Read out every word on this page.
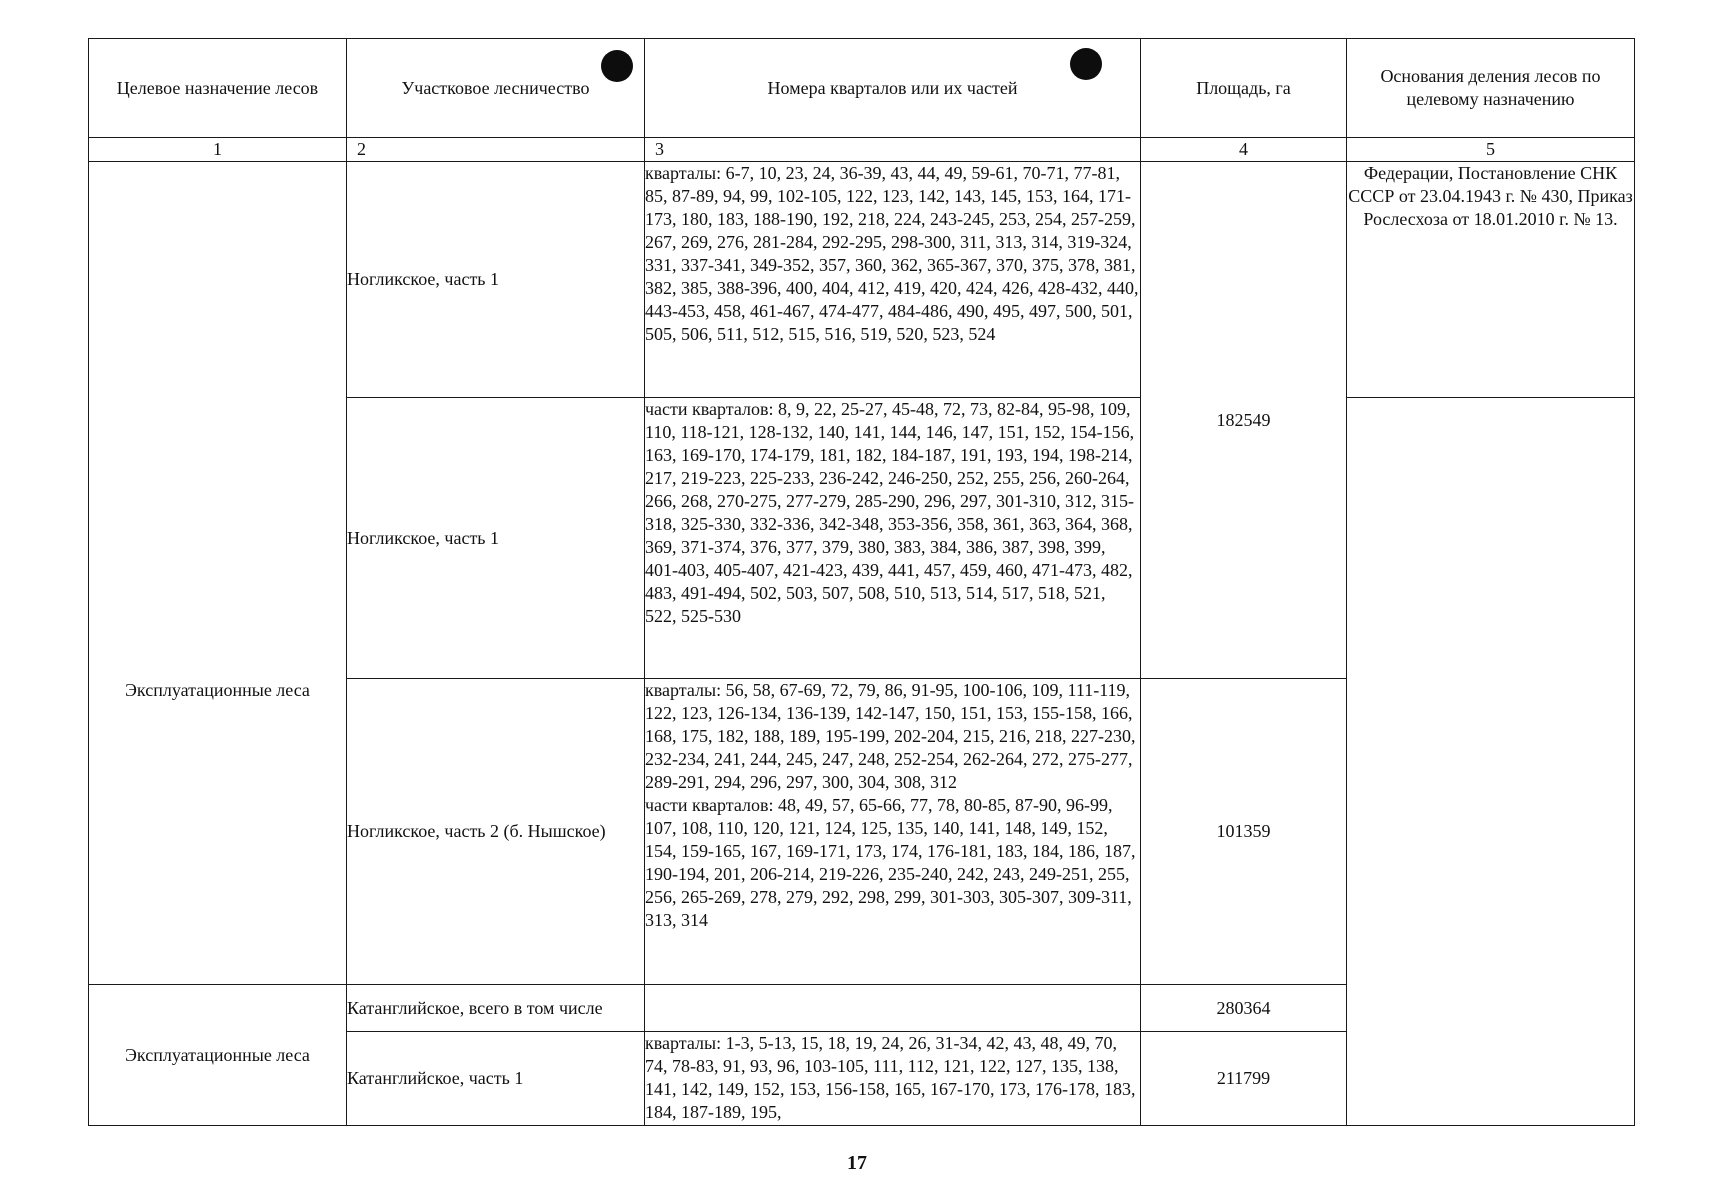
Целевое назначение лесов	Участковое лесничество	Номера кварталов или их частей	Площадь, га	Основания деления лесов по целевому назначению
1	2	3	4	5
	Ногликское, часть 1	кварталы: 6-7, 10, 23, 24, 36-39, 43, 44, 49, 59-61, 70-71, 77-81, 85, 87-89, 94, 99, 102-105, 122, 123, 142, 143, 145, 153, 164, 171-173, 180, 183, 188-190, 192, 218, 224, 243-245, 253, 254, 257-259, 267, 269, 276, 281-284, 292-295, 298-300, 311, 313, 314, 319-324, 331, 337-341, 349-352, 357, 360, 362, 365-367, 370, 375, 378, 381, 382, 385, 388-396, 400, 404, 412, 419, 420, 424, 426, 428-432, 440, 443-453, 458, 461-467, 474-477, 484-486, 490, 495, 497, 500, 501, 505, 506, 511, 512, 515, 516, 519, 520, 523, 524	182549	Федерации, Постановление СНК СССР от 23.04.1943 г. № 430, Приказ Рослесхоза от 18.01.2010 г. № 13.
Эксплуатационные леса	Ногликское, часть 1	части кварталов: 8, 9, 22, 25-27, 45-48, 72, 73, 82-84, 95-98, 109, 110, 118-121, 128-132, 140, 141, 144, 146, 147, 151, 152, 154-156, 163, 169-170, 174-179, 181, 182, 184-187, 191, 193, 194, 198-214, 217, 219-223, 225-233, 236-242, 246-250, 252, 255, 256, 260-264, 266, 268, 270-275, 277-279, 285-290, 296, 297, 301-310, 312, 315-318, 325-330, 332-336, 342-348, 353-356, 358, 361, 363, 364, 368, 369, 371-374, 376, 377, 379, 380, 383, 384, 386, 387, 398, 399, 401-403, 405-407, 421-423, 439, 441, 457, 459, 460, 471-473, 482, 483, 491-494, 502, 503, 507, 508, 510, 513, 514, 517, 518, 521, 522, 525-530		
	Ногликское, часть 2 (б. Нышское)	кварталы: 56, 58, 67-69, 72, 79, 86, 91-95, 100-106, 109, 111-119, 122, 123, 126-134, 136-139, 142-147, 150, 151, 153, 155-158, 166, 168, 175, 182, 188, 189, 195-199, 202-204, 215, 216, 218, 227-230, 232-234, 241, 244, 245, 247, 248, 252-254, 262-264, 272, 275-277, 289-291, 294, 296, 297, 300, 304, 308, 312
части кварталов: 48, 49, 57, 65-66, 77, 78, 80-85, 87-90, 96-99, 107, 108, 110, 120, 121, 124, 125, 135, 140, 141, 148, 149, 152, 154, 159-165, 167, 169-171, 173, 174, 176-181, 183, 184, 186, 187, 190-194, 201, 206-214, 219-226, 235-240, 242, 243, 249-251, 255, 256, 265-269, 278, 279, 292, 298, 299, 301-303, 305-307, 309-311, 313, 314	101359	
Эксплуатационные леса	Катанглийское, всего в том числе		280364	
	Катанглийское, часть 1	кварталы: 1-3, 5-13, 15, 18, 19, 24, 26, 31-34, 42, 43, 48, 49, 70, 74, 78-83, 91, 93, 96, 103-105, 111, 112, 121, 122, 127, 135, 138, 141, 142, 149, 152, 153, 156-158, 165, 167-170, 173, 176-178, 183, 184, 187-189, 195,	211799	
17
